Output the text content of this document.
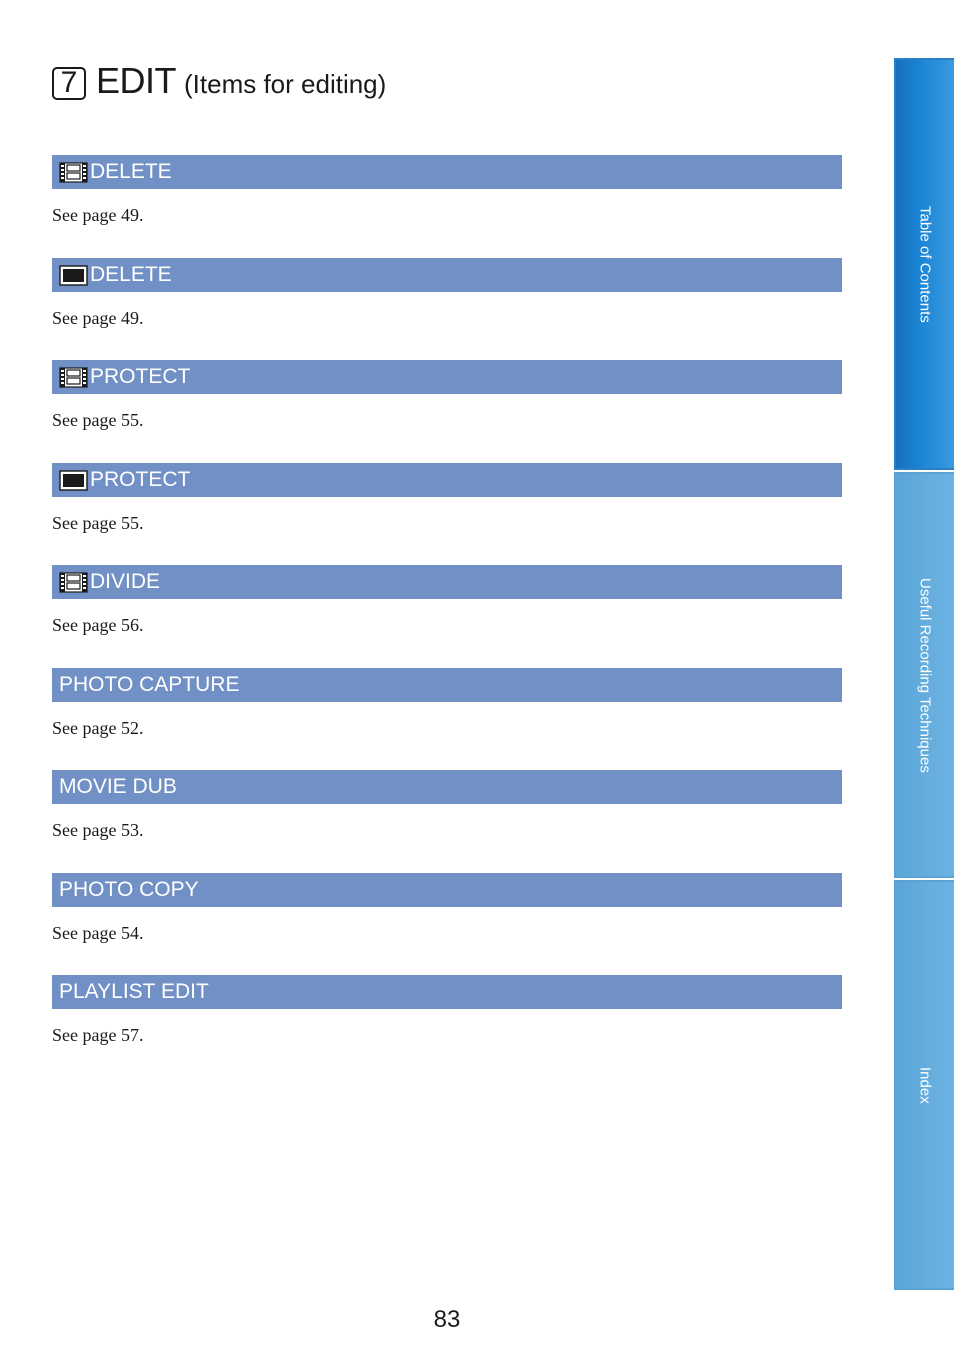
7 EDIT (Items for editing)
DELETE
See page 49.
DELETE
See page 49.
PROTECT
See page 55.
PROTECT
See page 55.
DIVIDE
See page 56.
PHOTO CAPTURE
See page 52.
MOVIE DUB
See page 53.
PHOTO COPY
See page 54.
PLAYLIST EDIT
See page 57.
Table of Contents
Useful Recording Techniques
Index
83
